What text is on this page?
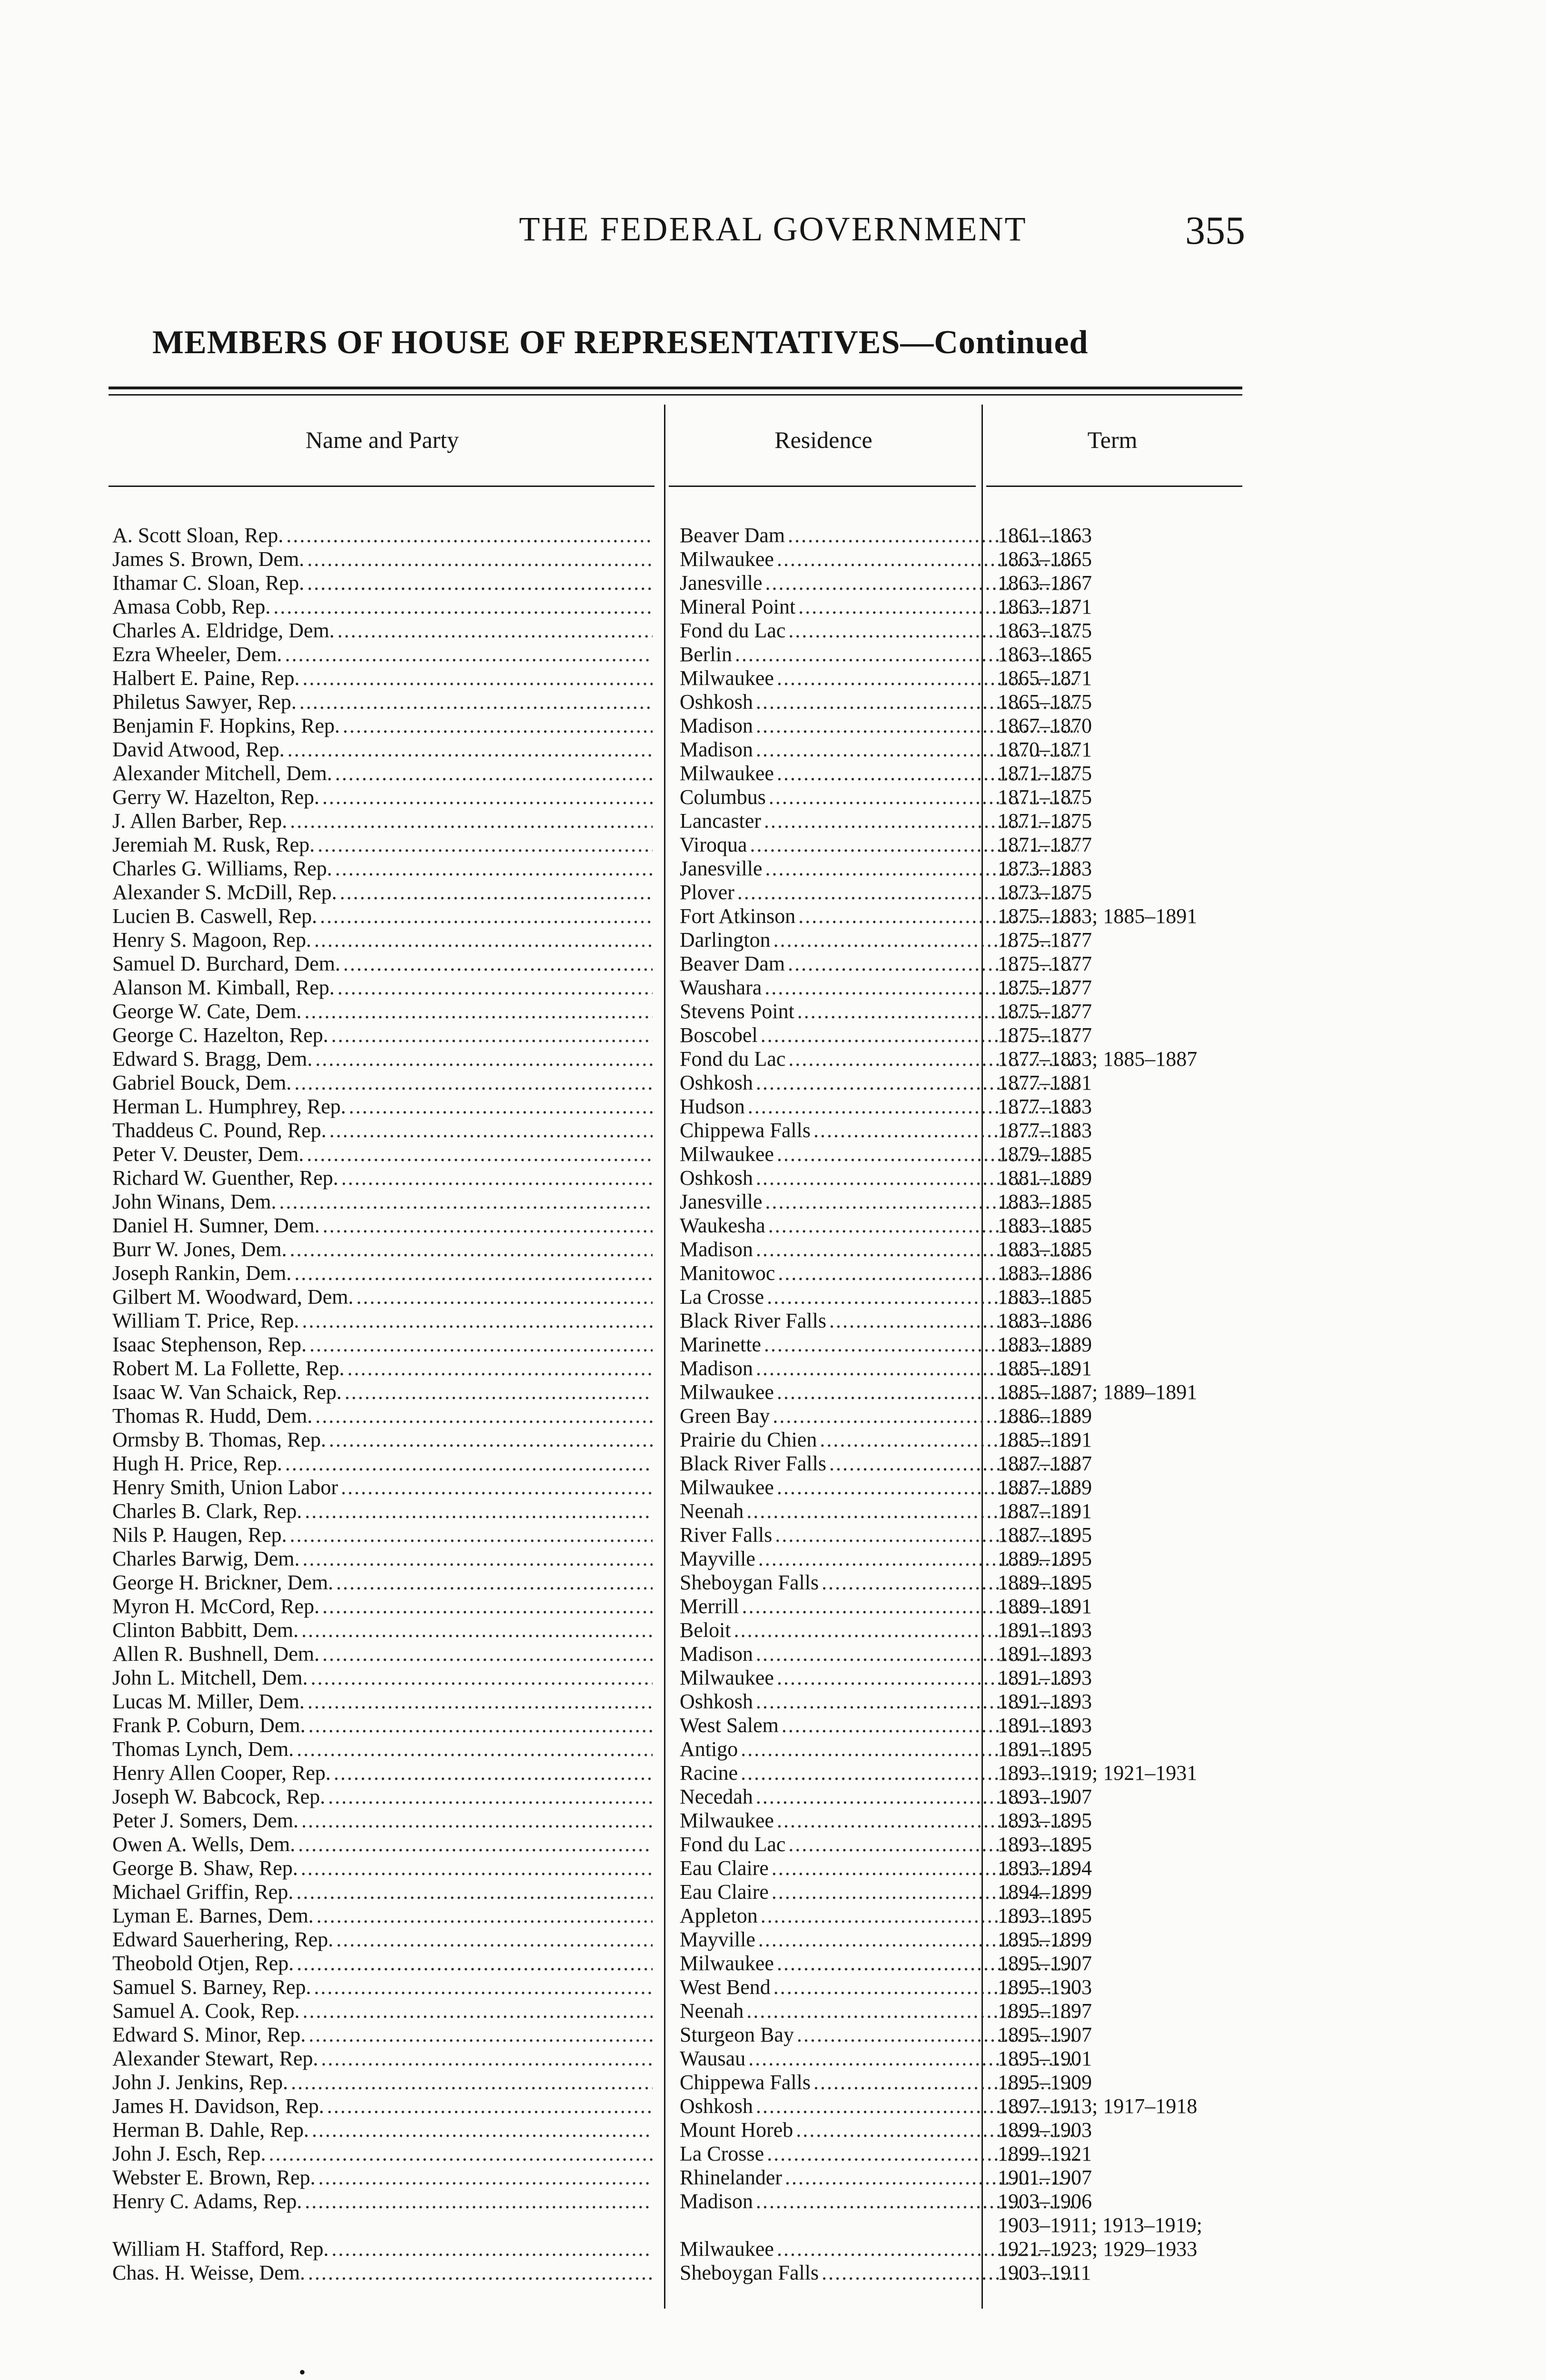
THE FEDERAL GOVERNMENT	355
MEMBERS OF HOUSE OF REPRESENTATIVES—Continued
Name and Party	Residence	Term
A. Scott Sloan, Rep. . . .	Beaver Dam . . .	1861–1863
James S. Brown, Dem. . . .	Milwaukee . . .	1863–1865
Ithamar C. Sloan, Rep. . . .	Janesville . . .	1863–1867
Amasa Cobb, Rep. . . .	Mineral Point . . .	1863–1871
Charles A. Eldridge, Dem. . . .	Fond du Lac . . .	1863–1875
Ezra Wheeler, Dem. . . .	Berlin . . .	1863–1865
Halbert E. Paine, Rep. . . .	Milwaukee . . .	1865–1871
Philetus Sawyer, Rep. . . .	Oshkosh . . .	1865–1875
Benjamin F. Hopkins, Rep. . . .	Madison . . .	1867–1870
David Atwood, Rep. . . .	Madison . . .	1870–1871
Alexander Mitchell, Dem. . . .	Milwaukee . . .	1871–1875
Gerry W. Hazelton, Rep. . . .	Columbus . . .	1871–1875
J. Allen Barber, Rep. . . .	Lancaster . . .	1871–1875
Jeremiah M. Rusk, Rep. . . .	Viroqua . . .	1871–1877
Charles G. Williams, Rep. . . .	Janesville . . .	1873–1883
Alexander S. McDill, Rep. . . .	Plover . . .	1873–1875
Lucien B. Caswell, Rep. . . .	Fort Atkinson . . .	1875–1883; 1885–1891
Henry S. Magoon, Rep. . . .	Darlington . . .	1875–1877
Samuel D. Burchard, Dem. . . .	Beaver Dam . . .	1875–1877
Alanson M. Kimball, Rep. . . .	Waushara . . .	1875–1877
George W. Cate, Dem. . . .	Stevens Point . . .	1875–1877
George C. Hazelton, Rep. . . .	Boscobel . . .	1875–1877
Edward S. Bragg, Dem. . . .	Fond du Lac . . .	1877–1883; 1885–1887
Gabriel Bouck, Dem. . . .	Oshkosh . . .	1877–1881
Herman L. Humphrey, Rep. . . .	Hudson . . .	1877–1883
Thaddeus C. Pound, Rep. . . .	Chippewa Falls . . .	1877–1883
Peter V. Deuster, Dem. . . .	Milwaukee . . .	1879–1885
Richard W. Guenther, Rep. . . .	Oshkosh . . .	1881–1889
John Winans, Dem. . . .	Janesville . . .	1883–1885
Daniel H. Sumner, Dem. . . .	Waukesha . . .	1883–1885
Burr W. Jones, Dem. . . .	Madison . . .	1883–1885
Joseph Rankin, Dem. . . .	Manitowoc . . .	1883–1886
Gilbert M. Woodward, Dem. . . .	La Crosse . . .	1883–1885
William T. Price, Rep. . . .	Black River Falls . . .	1883–1886
Isaac Stephenson, Rep. . . .	Marinette . . .	1883–1889
Robert M. La Follette, Rep. . . .	Madison . . .	1885–1891
Isaac W. Van Schaick, Rep. . . .	Milwaukee . . .	1885–1887; 1889–1891
Thomas R. Hudd, Dem. . . .	Green Bay . . .	1886–1889
Ormsby B. Thomas, Rep. . . .	Prairie du Chien . . .	1885–1891
Hugh H. Price, Rep. . . .	Black River Falls . . .	1887–1887
Henry Smith, Union Labor . . .	Milwaukee . . .	1887–1889
Charles B. Clark, Rep. . . .	Neenah . . .	1887–1891
Nils P. Haugen, Rep. . . .	River Falls . . .	1887–1895
Charles Barwig, Dem. . . .	Mayville . . .	1889–1895
George H. Brickner, Dem. . . .	Sheboygan Falls . . .	1889–1895
Myron H. McCord, Rep. . . .	Merrill . . .	1889–1891
Clinton Babbitt, Dem. . . .	Beloit . . .	1891–1893
Allen R. Bushnell, Dem. . . .	Madison . . .	1891–1893
John L. Mitchell, Dem. . . .	Milwaukee . . .	1891–1893
Lucas M. Miller, Dem. . . .	Oshkosh . . .	1891–1893
Frank P. Coburn, Dem. . . .	West Salem . . .	1891–1893
Thomas Lynch, Dem. . . .	Antigo . . .	1891–1895
Henry Allen Cooper, Rep. . . .	Racine . . .	1893–1919; 1921–1931
Joseph W. Babcock, Rep. . . .	Necedah . . .	1893–1907
Peter J. Somers, Dem. . . .	Milwaukee . . .	1893–1895
Owen A. Wells, Dem. . . .	Fond du Lac . . .	1893–1895
George B. Shaw, Rep. . . .	Eau Claire . . .	1893–1894
Michael Griffin, Rep. . . .	Eau Claire . . .	1894–1899
Lyman E. Barnes, Dem. . . .	Appleton . . .	1893–1895
Edward Sauerhering, Rep. . . .	Mayville . . .	1895–1899
Theobold Otjen, Rep. . . .	Milwaukee . . .	1895–1907
Samuel S. Barney, Rep. . . .	West Bend . . .	1895–1903
Samuel A. Cook, Rep. . . .	Neenah . . .	1895–1897
Edward S. Minor, Rep. . . .	Sturgeon Bay . . .	1895–1907
Alexander Stewart, Rep. . . .	Wausau . . .	1895–1901
John J. Jenkins, Rep. . . .	Chippewa Falls . . .	1895–1909
James H. Davidson, Rep. . . .	Oshkosh . . .	1897–1913; 1917–1918
Herman B. Dahle, Rep. . . .	Mount Horeb . . .	1899–1903
John J. Esch, Rep. . . .	La Crosse . . .	1899–1921
Webster E. Brown, Rep. . . .	Rhinelander . . .	1901–1907
Henry C. Adams, Rep. . . .	Madison . . .	1903–1906
William H. Stafford, Rep. . . .	Milwaukee . . .
1903–1911; 1913–1919;
1921–1923; 1929–1933
Chas. H. Weisse, Dem. . . .	Sheboygan Falls . . .	1903–1911
•
